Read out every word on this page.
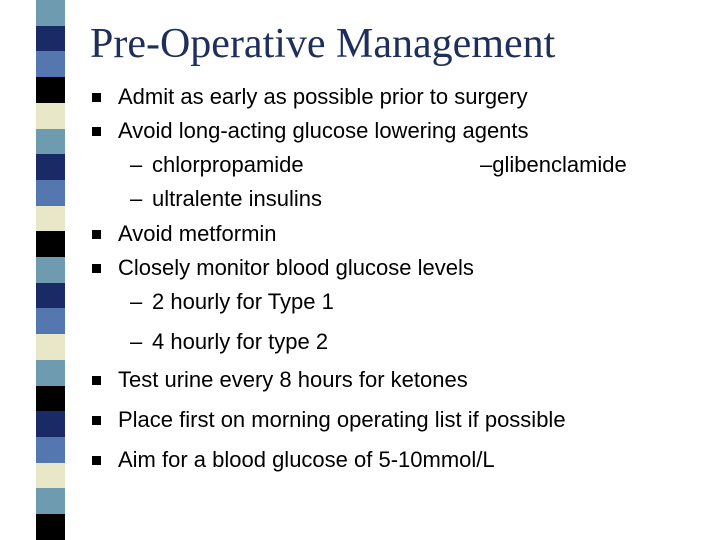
Pre-Operative Management
Admit as early as possible prior to surgery
Avoid long-acting glucose lowering agents
– chlorpropamide	–glibenclamide
– ultralente insulins
Avoid metformin
Closely monitor blood glucose levels
– 2 hourly for Type 1
– 4 hourly for type 2
Test urine every 8 hours for ketones
Place first on morning operating list if possible
Aim for a blood glucose of 5-10mmol/L
